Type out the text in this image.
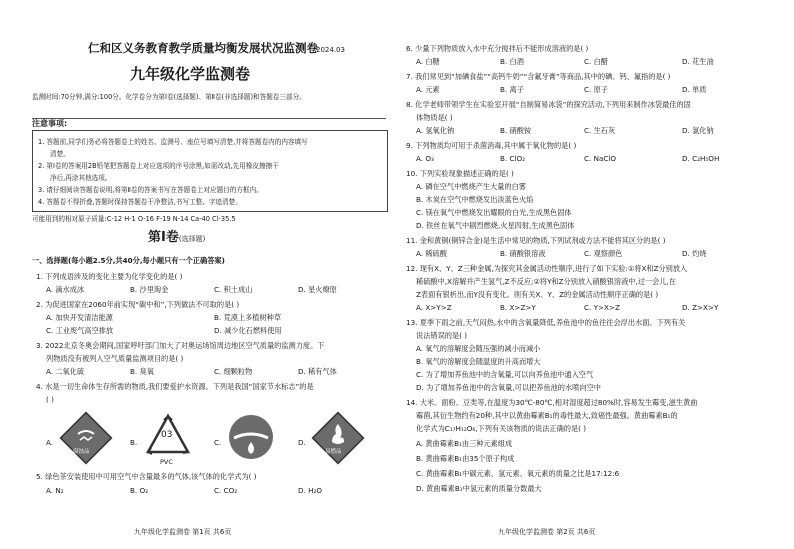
仁和区义务教育教学质量均衡发展状况监测卷
2024.03
九年级化学监测卷
监测时间:70分钟,满分:100分。化学卷分为第Ⅰ卷(选择题)、第Ⅱ卷(非选择题)和答题卷三部分。
注意事项:
1. 答题前,同学们务必将答题卷上的姓名、监测号、座位号填写清楚,并将答题卷内的内容填写
清楚。
2. 第Ⅰ卷的答案用2B铅笔把答题卷上对应选项的序号涂黑,如需改动,先用橡皮擦擦干
净后,再涂其他选项。
3. 请仔细阅读答题卷说明,将第Ⅱ卷的答案书写在答题卷上对应题目的方框内。
4. 答题卷不得折叠,答题时保持答题卷干净整洁,书写工整、字迹清楚。
可能用到的相对原子质量:C-12 H-1 O-16 F-19 N-14 Ca-40 Cl-35.5
第Ⅰ卷(选择题)
一、选择题(每小题2.5分,共40分,每小题只有一个正确答案)
1. 下列成语涉及的变化主要为化学变化的是( )
A. 滴水成冰	B. 沙里淘金	C. 积土成山	D. 星火燎原
2. 为促进国家在2060年前实现“碳中和”,下列做法不可取的是( )
A. 加快开发清洁能源	B. 荒漠上多植树种草
C. 工业废气高空排放	D. 减少化石燃料使用
3. 2022北京冬奥会期间,国家呼吁部门加大了对奥运场馆周边地区空气质量的监测力度。下
列物质没有被列入空气质量监测项目的是( )
A. 二氧化硫	B. 臭氧	C. 细颗粒物	D. 稀有气体
4. 水是一切生命体生存所需的物质,我们要爱护水资源。下列是我国“国家节水标志”的是
( )
A.
腐蚀品
B.
03
PVC
C.	D.
易燃品
5. 绿色茶安装使用中可用空气中含量最多的气体,该气体的化学式为( )
A. N₂	B. O₂	C. CO₂	D. H₂O
九年级化学监测卷 第1页 共6页
6. 少量下列物质放入水中充分搅拌后不能形成溶液的是( )
A. 白糖	B. 白酒	C. 白醋	D. 花生油
7. 我们常见到“加碘食盐”“高钙牛奶”“含氟牙膏”等商品,其中的碘、钙、氟指的是( )
A. 元素	B. 离子	C. 原子	D. 单质
8. 化学老师带领学生在实验室开展“自制简易冰袋”的探究活动,下列用来制作冰袋最佳的固
体物质是( )
A. 氢氧化钠	B. 硝酸铵	C. 生石灰	D. 氯化钠
9. 下列物质均可用于杀菌消毒,其中属于氧化物的是( )
A. O₃	B. ClO₂	C. NaClO	D. C₂H₅OH
10. 下列实验现象描述正确的是( )
A. 磷在空气中燃烧产生大量的白雾
B. 木炭在空气中燃烧发出淡蓝色火焰
C. 镁在氧气中燃烧发出耀眼的白光,生成黑色固体
D. 铁丝在氧气中剧烈燃烧,火星四射,生成黑色固体
11. 金和黄铜(铜锌合金)是生活中常见的物质,下列试剂或方法不能将其区分的是( )
A. 稀硫酸	B. 硝酸银溶液	C. 观察颜色	D. 灼烧
12. 现有X、Y、Z三种金属,为探究其金属活动性顺序,进行了如下实验:①将X和Z分别放入
稀硫酸中,X溶解并产生氢气,Z不反应;②将Y和Z分别放入硝酸银溶液中,过一会儿,在
Z表面有银析出,而Y没有变化。则有关X、Y、Z的金属活动性顺序正确的是( )
A. X>Y>Z	B. X>Z>Y	C. Y>X>Z	D. Z>X>Y
13. 夏季下雨之前,天气闷热,水中的含氧量降低,养鱼池中的鱼往往会浮出水面。下列有关
说法错误的是( )
A. 氧气的溶解度会随压强的减小而减小
B. 氧气的溶解度会随温度的升高而增大
C. 为了增加养鱼池中的含氧量,可以向养鱼池中通入空气
D. 为了增加养鱼池中的含氧量,可以把养鱼池的水喷向空中
14. 大米、面粉、豆类等,在温度为30℃-80℃,相对湿度超过80%时,容易发生霉变,滋生黄曲
霉菌,其衍生物约有20种,其中以黄曲霉素B₁的毒性最大,致癌性最强。黄曲霉素B₁的
化学式为C₁₇H₁₂O₆,下列有关该物质的说法正确的是( )
A. 黄曲霉素B₁由三种元素组成
B. 黄曲霉素B₁由35个原子构成
C. 黄曲霉素B₁中碳元素、氢元素、氧元素的质量之比是17:12:6
D. 黄曲霉素B₁中氢元素的质量分数最大
九年级化学监测卷 第2页 共6页
